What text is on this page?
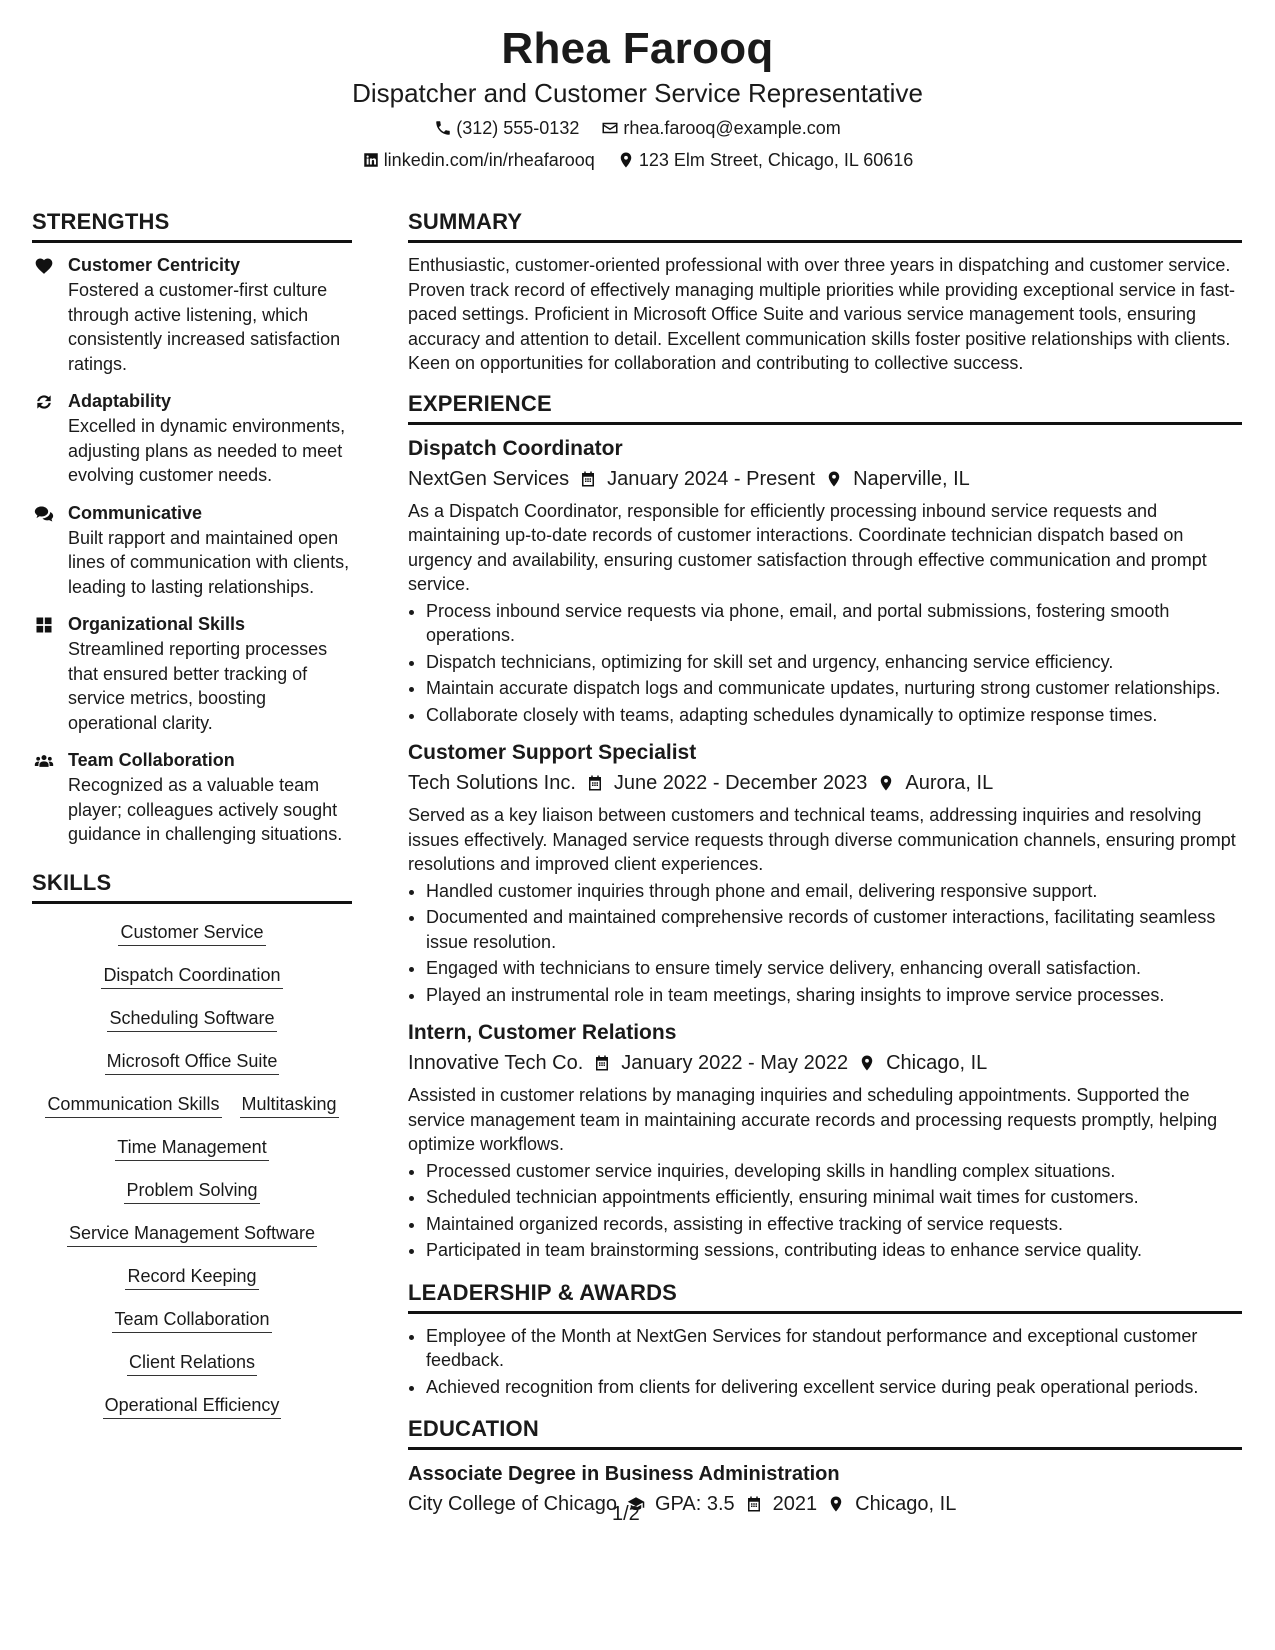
Rhea Farooq
Dispatcher and Customer Service Representative
(312) 555-0132 rhea.farooq@example.com
linkedin.com/in/rheafarooq 123 Elm Street, Chicago, IL 60616
STRENGTHS
Customer Centricity
Fostered a customer-first culture through active listening, which consistently increased satisfaction ratings.
Adaptability
Excelled in dynamic environments, adjusting plans as needed to meet evolving customer needs.
Communicative
Built rapport and maintained open lines of communication with clients, leading to lasting relationships.
Organizational Skills
Streamlined reporting processes that ensured better tracking of service metrics, boosting operational clarity.
Team Collaboration
Recognized as a valuable team player; colleagues actively sought guidance in challenging situations.
SKILLS
Customer Service
Dispatch Coordination
Scheduling Software
Microsoft Office Suite
Communication Skills Multitasking
Time Management
Problem Solving
Service Management Software
Record Keeping
Team Collaboration
Client Relations
Operational Efficiency
SUMMARY
Enthusiastic, customer-oriented professional with over three years in dispatching and customer service. Proven track record of effectively managing multiple priorities while providing exceptional service in fast-paced settings. Proficient in Microsoft Office Suite and various service management tools, ensuring accuracy and attention to detail. Excellent communication skills foster positive relationships with clients. Keen on opportunities for collaboration and contributing to collective success.
EXPERIENCE
Dispatch Coordinator
NextGen Services January 2024 - Present Naperville, IL
As a Dispatch Coordinator, responsible for efficiently processing inbound service requests and maintaining up-to-date records of customer interactions. Coordinate technician dispatch based on urgency and availability, ensuring customer satisfaction through effective communication and prompt service.
• Process inbound service requests via phone, email, and portal submissions, fostering smooth operations.
• Dispatch technicians, optimizing for skill set and urgency, enhancing service efficiency.
• Maintain accurate dispatch logs and communicate updates, nurturing strong customer relationships.
• Collaborate closely with teams, adapting schedules dynamically to optimize response times.
Customer Support Specialist
Tech Solutions Inc. June 2022 - December 2023 Aurora, IL
Served as a key liaison between customers and technical teams, addressing inquiries and resolving issues effectively. Managed service requests through diverse communication channels, ensuring prompt resolutions and improved client experiences.
• Handled customer inquiries through phone and email, delivering responsive support.
• Documented and maintained comprehensive records of customer interactions, facilitating seamless issue resolution.
• Engaged with technicians to ensure timely service delivery, enhancing overall satisfaction.
• Played an instrumental role in team meetings, sharing insights to improve service processes.
Intern, Customer Relations
Innovative Tech Co. January 2022 - May 2022 Chicago, IL
Assisted in customer relations by managing inquiries and scheduling appointments. Supported the service management team in maintaining accurate records and processing requests promptly, helping optimize workflows.
• Processed customer service inquiries, developing skills in handling complex situations.
• Scheduled technician appointments efficiently, ensuring minimal wait times for customers.
• Maintained organized records, assisting in effective tracking of service requests.
• Participated in team brainstorming sessions, contributing ideas to enhance service quality.
LEADERSHIP & AWARDS
• Employee of the Month at NextGen Services for standout performance and exceptional customer feedback.
• Achieved recognition from clients for delivering excellent service during peak operational periods.
EDUCATION
Associate Degree in Business Administration
City College of Chicago GPA: 3.5 2021 Chicago, IL
1/2
